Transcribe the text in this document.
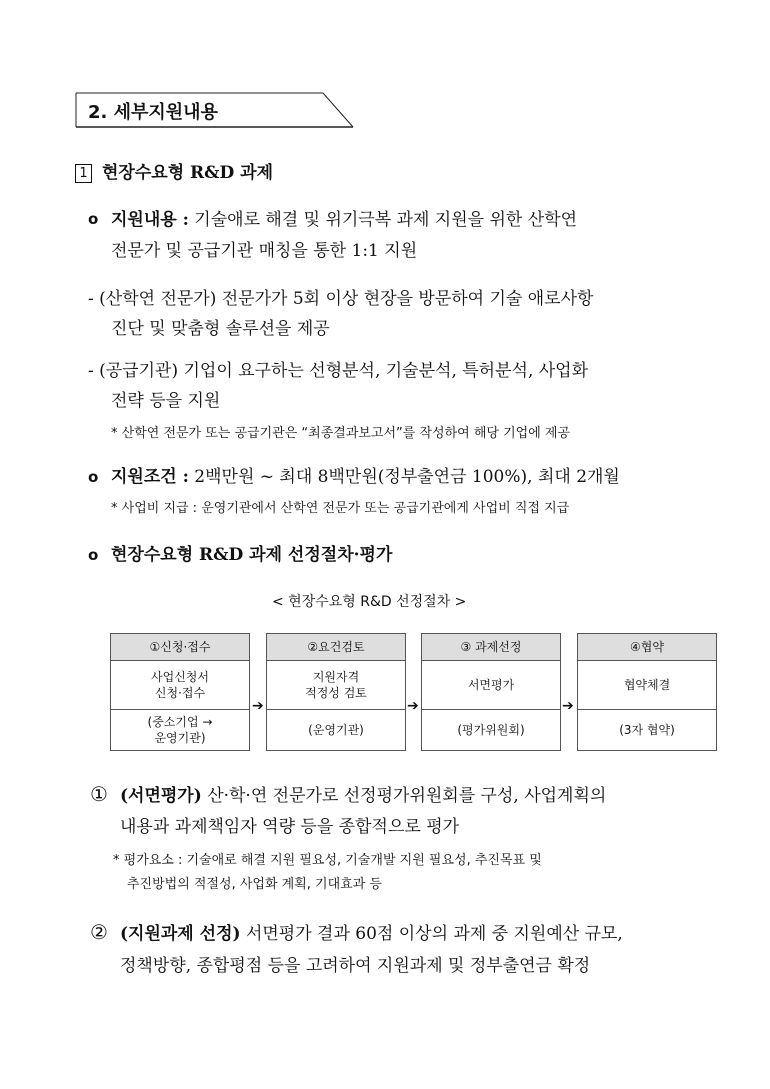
2. 세부지원내용
1 현장수요형 R&D 과제
o 지원내용 : 기술애로 해결 및 위기극복 과제 지원을 위한 산학연
전문가 및 공급기관 매칭을 통한 1:1 지원
- (산학연 전문가) 전문가가 5회 이상 현장을 방문하여 기술 애로사항
진단 및 맞춤형 솔루션을 제공
- (공급기관) 기업이 요구하는 선형분석, 기술분석, 특허분석, 사업화
전략 등을 지원
* 산학연 전문가 또는 공급기관은 “최종결과보고서”를 작성하여 해당 기업에 제공
o 지원조건 : 2백만원 ~ 최대 8백만원(정부출연금 100%), 최대 2개월
* 사업비 지급 : 운영기관에서 산학연 전문가 또는 공급기관에게 사업비 직접 지급
o 현장수요형 R&D 과제 선정절차·평가
< 현장수요형 R&D 선정절차 >
①신청·접수
사업신청서
신청·접수
(중소기업 →
운영기관)
➔
②요건검토
지원자격
적정성 검토
(운영기관)
➔
③ 과제선정
서면평가
(평가위원회)
➔
④협약
협약체결
(3자 협약)
① (서면평가) 산·학·연 전문가로 선정평가위원회를 구성, 사업계획의
내용과 과제책임자 역량 등을 종합적으로 평가
* 평가요소 : 기술애로 해결 지원 필요성, 기술개발 지원 필요성, 추진목표 및
추진방법의 적절성, 사업화 계획, 기대효과 등
② (지원과제 선정) 서면평가 결과 60점 이상의 과제 중 지원예산 규모,
정책방향, 종합평점 등을 고려하여 지원과제 및 정부출연금 확정
